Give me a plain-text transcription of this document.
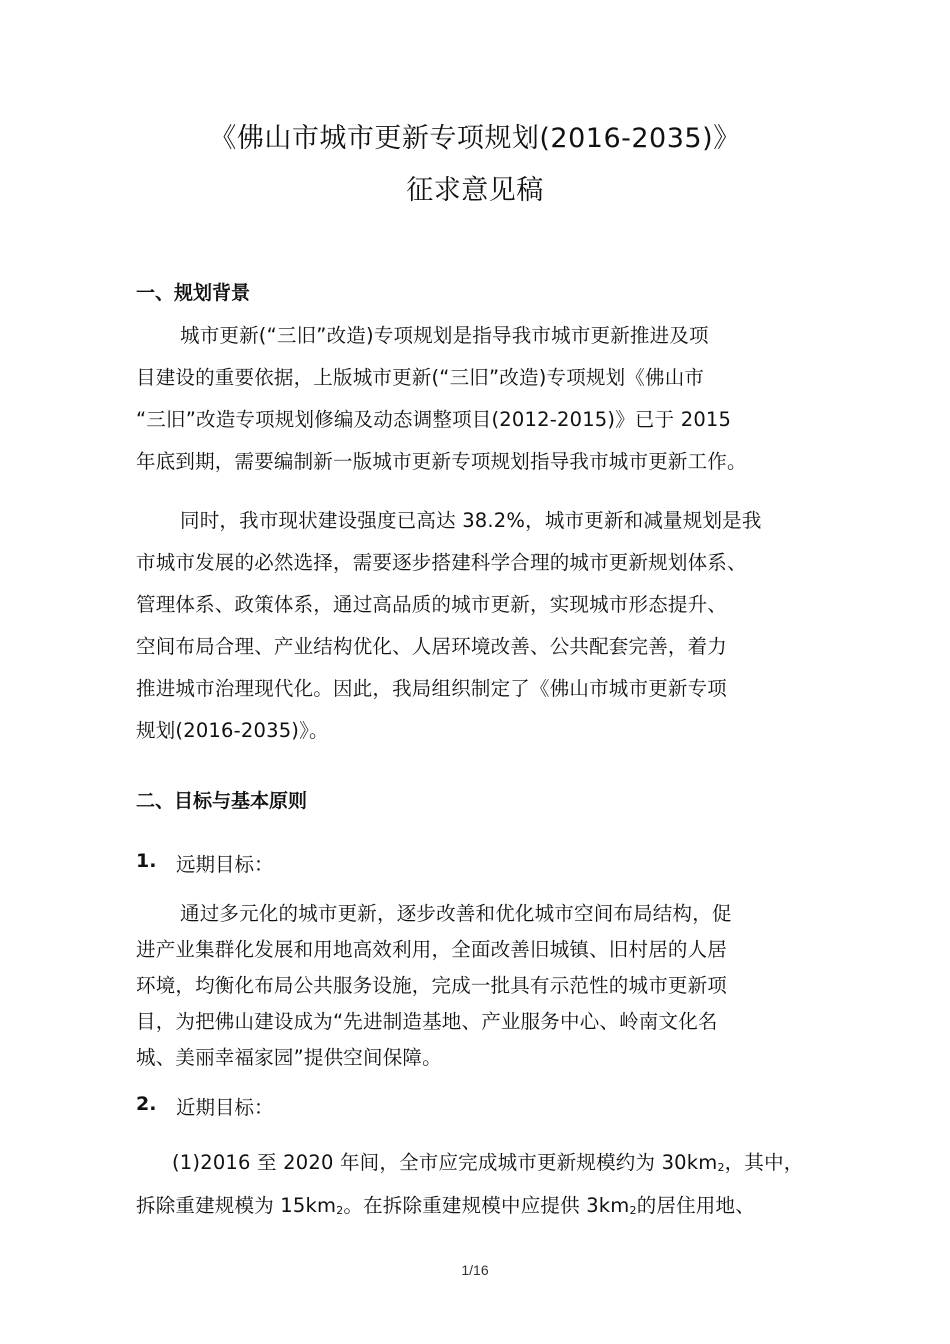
《佛山市城市更新专项规划(2016-2035)》
征求意见稿
一、规划背景
城市更新(“三旧”改造)专项规划是指导我市城市更新推进及项
目建设的重要依据，上版城市更新(“三旧”改造)专项规划《佛山市
“三旧”改造专项规划修编及动态调整项目(2012-2015)》已于 2015
年底到期，需要编制新一版城市更新专项规划指导我市城市更新工作。
同时，我市现状建设强度已高达 38.2%，城市更新和减量规划是我
市城市发展的必然选择，需要逐步搭建科学合理的城市更新规划体系、
管理体系、政策体系，通过高品质的城市更新，实现城市形态提升、
空间布局合理、产业结构优化、人居环境改善、公共配套完善，着力
推进城市治理现代化。因此，我局组织制定了《佛山市城市更新专项
规划(2016-2035)》。
二、目标与基本原则
1. 远期目标：
通过多元化的城市更新，逐步改善和优化城市空间布局结构，促
进产业集群化发展和用地高效利用，全面改善旧城镇、旧村居的人居
环境，均衡化布局公共服务设施，完成一批具有示范性的城市更新项
目，为把佛山建设成为“先进制造基地、产业服务中心、岭南文化名
城、美丽幸福家园”提供空间保障。
2. 近期目标：
(1)2016 至 2020 年间，全市应完成城市更新规模约为 $30km_2$，其中，
拆除重建规模为 $15km_2$。在拆除重建规模中应提供 $3km_2$的居住用地、
1/16
